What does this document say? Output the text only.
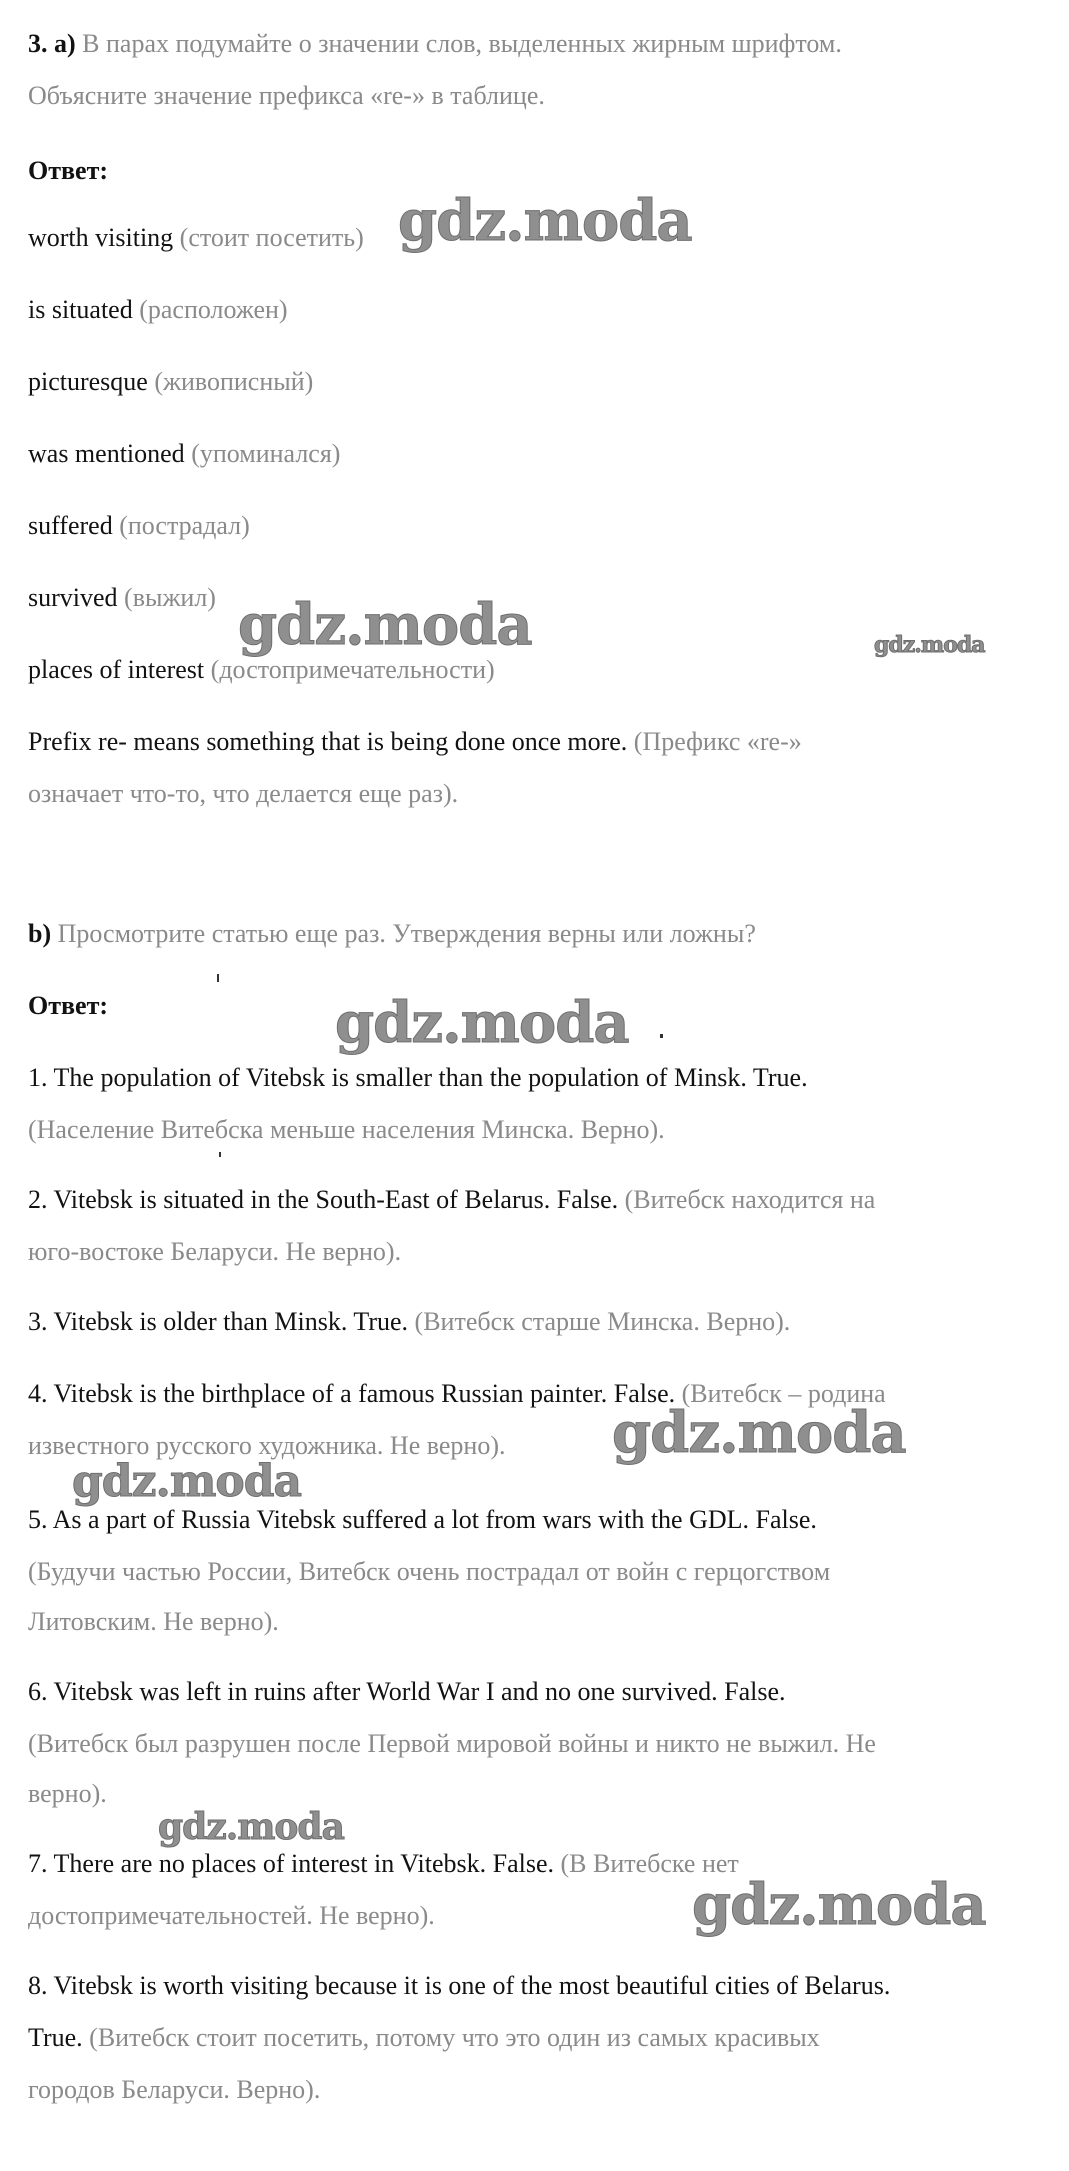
3. а) В парах подумайте о значении слов, выделенных жирным шрифтом.
Объясните значение префикса «re-» в таблице.
Ответ:
worth visiting (стоит посетить)
is situated (расположен)
picturesque (живописный)
was mentioned (упоминался)
suffered (пострадал)
survived (выжил)
places of interest (достопримечательности)
Prefix re- means something that is being done once more. (Префикс «re-»
означает что-то, что делается еще раз).
b) Просмотрите статью еще раз. Утверждения верны или ложны?
Ответ:
1. The population of Vitebsk is smaller than the population of Minsk. True.
(Население Витебска меньше населения Минска. Верно).
2. Vitebsk is situated in the South-East of Belarus. False. (Витебск находится на
юго-востоке Беларуси. Не верно).
3. Vitebsk is older than Minsk. True. (Витебск старше Минска. Верно).
4. Vitebsk is the birthplace of a famous Russian painter. False. (Витебск – родина
известного русского художника. Не верно).
5. As a part of Russia Vitebsk suffered a lot from wars with the GDL. False.
(Будучи частью России, Витебск очень пострадал от войн с герцогством
Литовским. Не верно).
6. Vitebsk was left in ruins after World War I and no one survived. False.
(Витебск был разрушен после Первой мировой войны и никто не выжил. Не
верно).
7. There are no places of interest in Vitebsk. False. (В Витебске нет
достопримечательностей. Не верно).
8. Vitebsk is worth visiting because it is one of the most beautiful cities of Belarus.
True. (Витебск стоит посетить, потому что это один из самых красивых
городов Беларуси. Верно).
gdz.moda
gdz.moda	gdz.moda
gdz.moda
gdz.moda
gdz.moda
gdz.moda
gdz.moda
